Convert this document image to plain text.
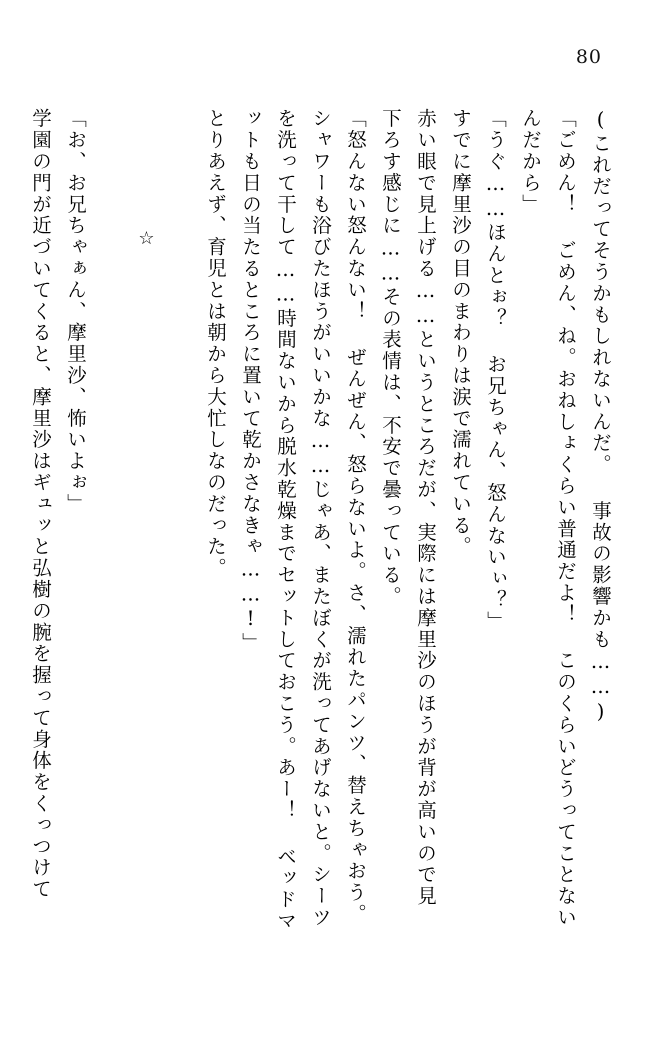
80
(これだってそうかもしれないんだ。 事故の影響かも……)
「ごめん！ ごめん、ね。おねしょくらい普通だよ！ このくらいどうってことない
んだから」
「うぐ……ほんとぉ？ お兄ちゃん、怒んないぃ？」
すでに摩里沙の目のまわりは涙で濡れている。
赤い眼で見上げる……というところだが、実際には摩里沙のほうが背が高いので見
下ろす感じに……その表情は、不安で曇っている。
「怒んない怒んない！ ぜんぜん、怒らないよ。さ、濡れたパンツ、替えちゃおう。
シャワーも浴びたほうがいいかな……じゃあ、またぼくが洗ってあげないと。シーツ
を洗って干して……時間ないから脱水乾燥までセットしておこう。あー！ ベッドマ
ットも日の当たるところに置いて乾かさなきゃ……!」
とりあえず、育児とは朝から大忙しなのだった。
☆
「お、お兄ちゃぁん、摩里沙、怖いよぉ」
学園の門が近づいてくると、摩里沙はギュッと弘樹の腕を握って身体をくっつけて
